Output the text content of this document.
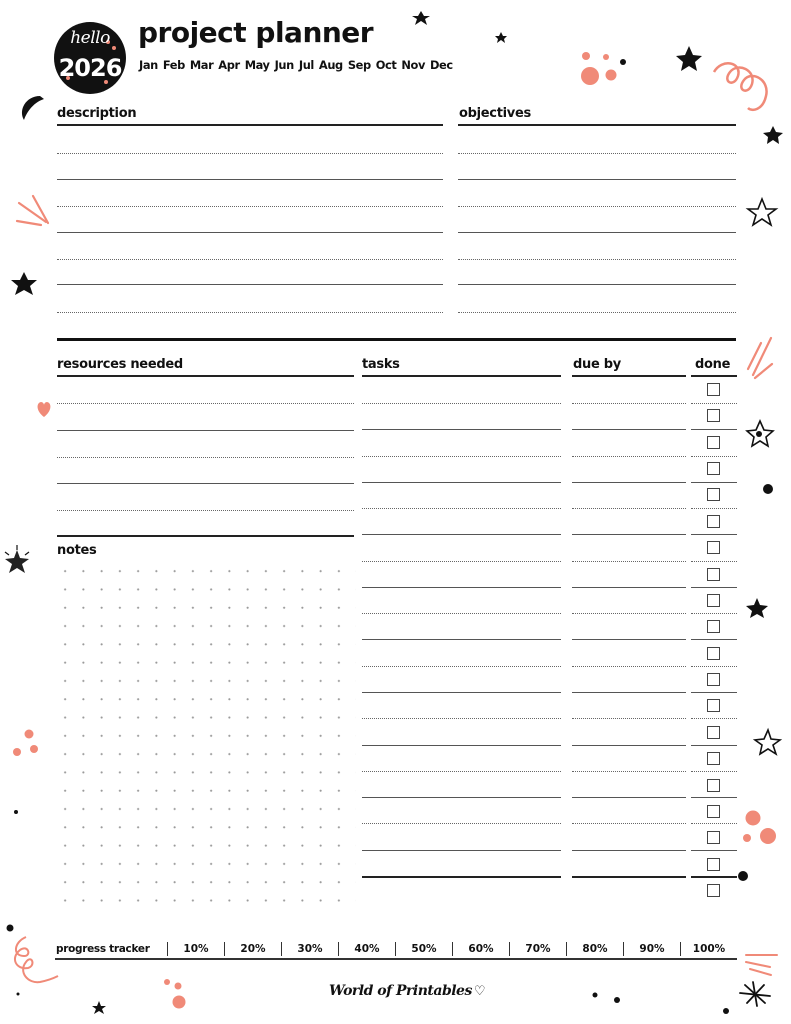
hello
2026
project planner
Jan Feb Mar Apr May Jun Jul Aug Sep Oct Nov Dec
description	objectives
resources needed
notes
tasks	due by	done
progress tracker	10%	20%	30%	40%	50%	60%	70%	80%	90%	100%
World of Printables ♡
